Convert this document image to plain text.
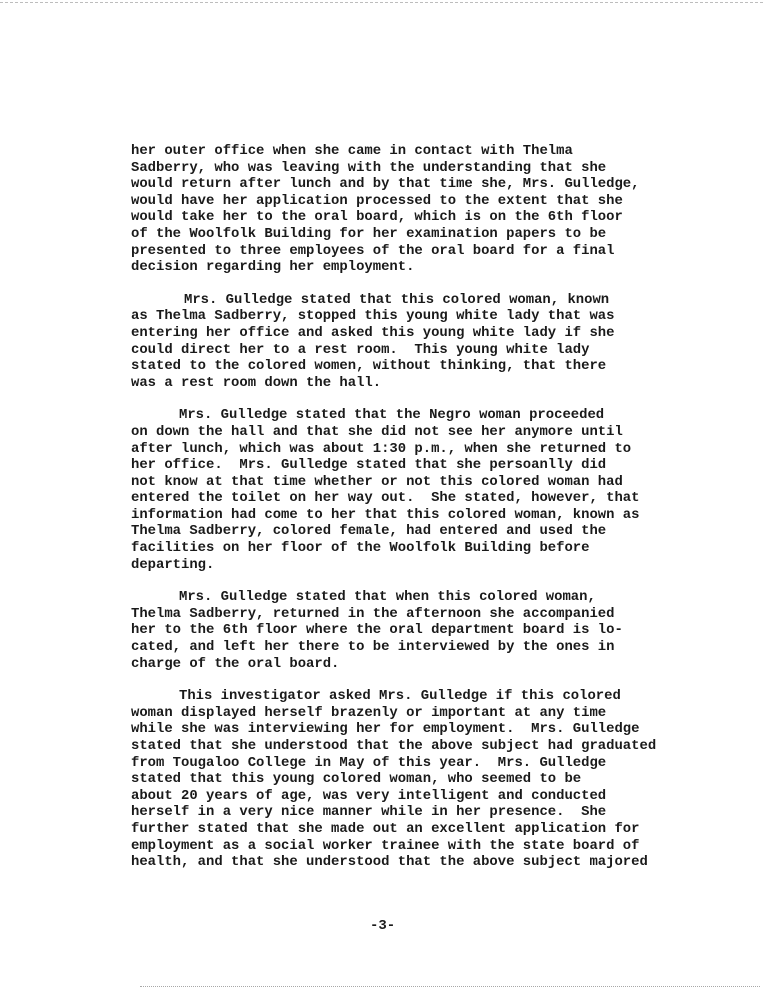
her outer office when she came in contact with Thelma
Sadberry, who was leaving with the understanding that she
would return after lunch and by that time she, Mrs. Gulledge,
would have her application processed to the extent that she
would take her to the oral board, which is on the 6th floor
of the Woolfolk Building for her examination papers to be
presented to three employees of the oral board for a final
decision regarding her employment.
Mrs. Gulledge stated that this colored woman, known
as Thelma Sadberry, stopped this young white lady that was
entering her office and asked this young white lady if she
could direct her to a rest room.  This young white lady
stated to the colored women, without thinking, that there
was a rest room down the hall.
Mrs. Gulledge stated that the Negro woman proceeded
on down the hall and that she did not see her anymore until
after lunch, which was about 1:30 p.m., when she returned to
her office.  Mrs. Gulledge stated that she persoanlly did
not know at that time whether or not this colored woman had
entered the toilet on her way out.  She stated, however, that
information had come to her that this colored woman, known as
Thelma Sadberry, colored female, had entered and used the
facilities on her floor of the Woolfolk Building before
departing.
Mrs. Gulledge stated that when this colored woman,
Thelma Sadberry, returned in the afternoon she accompanied
her to the 6th floor where the oral department board is lo-
cated, and left her there to be interviewed by the ones in
charge of the oral board.
This investigator asked Mrs. Gulledge if this colored
woman displayed herself brazenly or important at any time
while she was interviewing her for employment.  Mrs. Gulledge
stated that she understood that the above subject had graduated
from Tougaloo College in May of this year.  Mrs. Gulledge
stated that this young colored woman, who seemed to be
about 20 years of age, was very intelligent and conducted
herself in a very nice manner while in her presence.  She
further stated that she made out an excellent application for
employment as a social worker trainee with the state board of
health, and that she understood that the above subject majored
-3-
